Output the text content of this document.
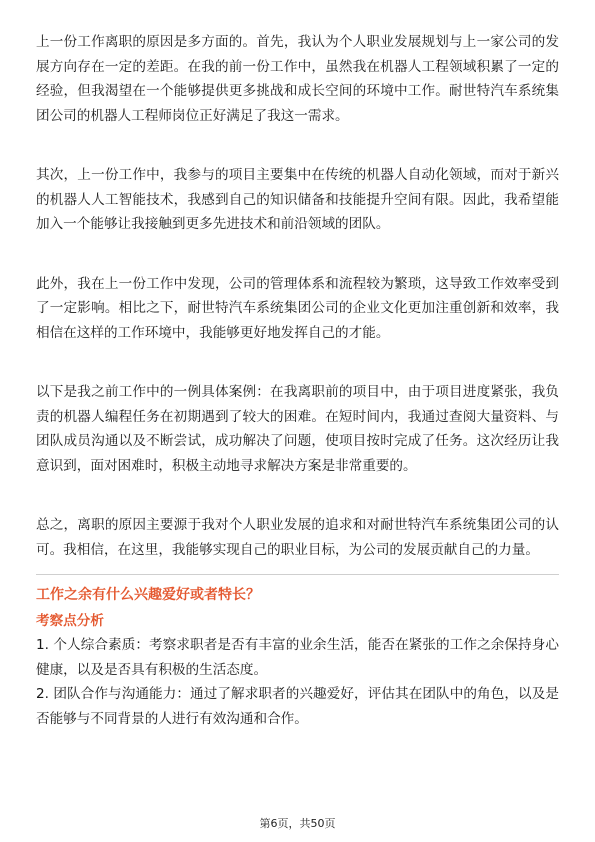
上一份工作离职的原因是多方面的。首先，我认为个人职业发展规划与上一家公司的发展方向存在一定的差距。在我的前一份工作中，虽然我在机器人工程领域积累了一定的经验，但我渴望在一个能够提供更多挑战和成长空间的环境中工作。耐世特汽车系统集团公司的机器人工程师岗位正好满足了我这一需求。

其次，上一份工作中，我参与的项目主要集中在传统的机器人自动化领域，而对于新兴的机器人人工智能技术，我感到自己的知识储备和技能提升空间有限。因此，我希望能加入一个能够让我接触到更多先进技术和前沿领域的团队。

此外，我在上一份工作中发现，公司的管理体系和流程较为繁琐，这导致工作效率受到了一定影响。相比之下，耐世特汽车系统集团公司的企业文化更加注重创新和效率，我相信在这样的工作环境中，我能够更好地发挥自己的才能。

以下是我之前工作中的一例具体案例：在我离职前的项目中，由于项目进度紧张，我负责的机器人编程任务在初期遇到了较大的困难。在短时间内，我通过查阅大量资料、与团队成员沟通以及不断尝试，成功解决了问题，使项目按时完成了任务。这次经历让我意识到，面对困难时，积极主动地寻求解决方案是非常重要的。

总之，离职的原因主要源于我对个人职业发展的追求和对耐世特汽车系统集团公司的认可。我相信，在这里，我能够实现自己的职业目标，为公司的发展贡献自己的力量。

工作之余有什么兴趣爱好或者特长？

考察点分析

1. 个人综合素质：考察求职者是否有丰富的业余生活，能否在紧张的工作之余保持身心健康，以及是否具有积极的生活态度。

2. 团队合作与沟通能力：通过了解求职者的兴趣爱好，评估其在团队中的角色，以及是否能够与不同背景的人进行有效沟通和合作。

第6页，共50页
